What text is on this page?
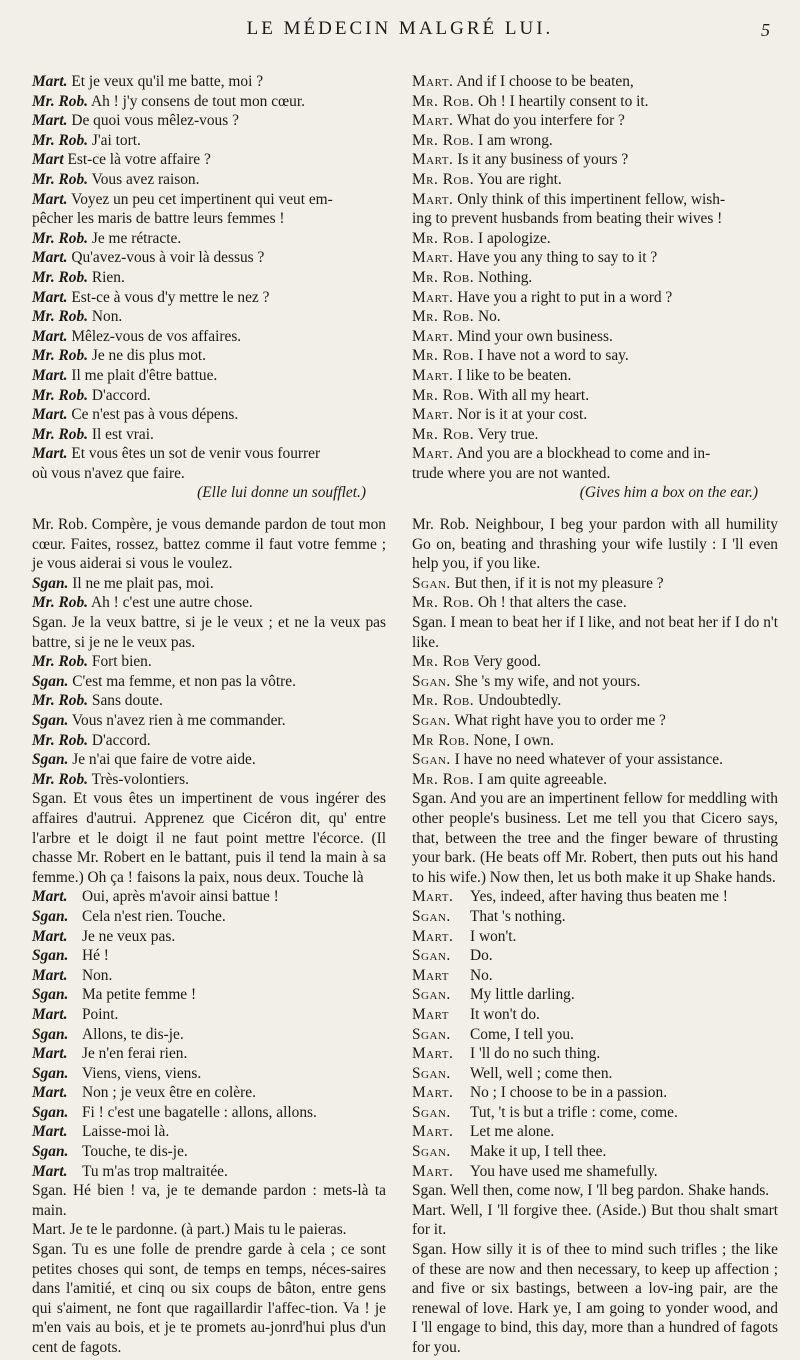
LE MÉDECIN MALGRÉ LUI.	5
Mart. Et je veux qu'il me batte, moi ?
Mr. Rob. Ah ! j'y consens de tout mon cœur.
Mart. De quoi vous mêlez-vous ?
Mr. Rob. J'ai tort.
Mart Est-ce là votre affaire ?
Mr. Rob. Vous avez raison.
Mart. Voyez un peu cet impertinent qui veut em-
pêcher les maris de battre leurs femmes !
Mr. Rob. Je me rétracte.
Mart. Qu'avez-vous à voir là dessus ?
Mr. Rob. Rien.
Mart. Est-ce à vous d'y mettre le nez ?
Mr. Rob. Non.
Mart. Mêlez-vous de vos affaires.
Mr. Rob. Je ne dis plus mot.
Mart. Il me plait d'être battue.
Mr. Rob. D'accord.
Mart. Ce n'est pas à vous dépens.
Mr. Rob. Il est vrai.
Mart. Et vous êtes un sot de venir vous fourrer
où vous n'avez que faire.
(Elle lui donne un soufflet.)
Mr. Rob. Compère, je vous demande pardon de tout mon cœur. Faites, rossez, battez comme il faut votre femme ; je vous aiderai si vous le voulez.
Sgan. Il ne me plait pas, moi.
Mr. Rob. Ah ! c'est une autre chose.
Sgan. Je la veux battre, si je le veux ; et ne la veux pas battre, si je ne le veux pas.
Mr. Rob. Fort bien.
Sgan. C'est ma femme, et non pas la vôtre.
Mr. Rob. Sans doute.
Sgan. Vous n'avez rien à me commander.
Mr. Rob. D'accord.
Sgan. Je n'ai que faire de votre aide.
Mr. Rob. Très-volontiers.
Sgan. Et vous êtes un impertinent de vous ingérer des affaires d'autrui. Apprenez que Cicéron dit, qu' entre l'arbre et le doigt il ne faut point mettre l'écorce. (Il chasse Mr. Robert en le battant, puis il tend la main à sa femme.) Oh ça ! faisons la paix, nous deux. Touche là
Mart. Oui, après m'avoir ainsi battue !
Sgan. Cela n'est rien. Touche.
Mart. Je ne veux pas.
Sgan. Hé !
Mart. Non.
Sgan. Ma petite femme !
Mart. Point.
Sgan. Allons, te dis-je.
Mart. Je n'en ferai rien.
Sgan. Viens, viens, viens.
Mart. Non ; je veux être en colère.
Sgan. Fi ! c'est une bagatelle : allons, allons.
Mart. Laisse-moi là.
Sgan. Touche, te dis-je.
Mart. Tu m'as trop maltraitée.
Sgan. Hé bien ! va, je te demande pardon : mets-là ta main.
Mart. Je te le pardonne. (à part.) Mais tu le paieras.
Sgan. Tu es une folle de prendre garde à cela ; ce sont petites choses qui sont, de temps en temps, néces-saires dans l'amitié, et cinq ou six coups de bâton, entre gens qui s'aiment, ne font que ragaillardir l'affec-tion. Va ! je m'en vais au bois, et je te promets au-jonrd'hui plus d'un cent de fagots.
Mart. And if I choose to be beaten,
Mr. Rob. Oh ! I heartily consent to it.
Mart. What do you interfere for ?
Mr. Rob. I am wrong.
Mart. Is it any business of yours ?
Mr. Rob. You are right.
Mart. Only think of this impertinent fellow, wish-
ing to prevent husbands from beating their wives !
Mr. Rob. I apologize.
Mart. Have you any thing to say to it ?
Mr. Rob. Nothing.
Mart. Have you a right to put in a word ?
Mr. Rob. No.
Mart. Mind your own business.
Mr. Rob. I have not a word to say.
Mart. I like to be beaten.
Mr. Rob. With all my heart.
Mart. Nor is it at your cost.
Mr. Rob. Very true.
Mart. And you are a blockhead to come and in-
trude where you are not wanted.
(Gives him a box on the ear.)
Mr. Rob. Neighbour, I beg your pardon with all humility Go on, beating and thrashing your wife lustily : I 'll even help you, if you like.
Sgan. But then, if it is not my pleasure ?
Mr. Rob. Oh ! that alters the case.
Sgan. I mean to beat her if I like, and not beat her if I do n't like.
Mr. Rob Very good.
Sgan. She 's my wife, and not yours.
Mr. Rob. Undoubtedly.
Sgan. What right have you to order me ?
Mr Rob. None, I own.
Sgan. I have no need whatever of your assistance.
Mr. Rob. I am quite agreeable.
Sgan. And you are an impertinent fellow for meddling with other people's business. Let me tell you that Cicero says, that, between the tree and the finger beware of thrusting your bark. (He beats off Mr. Robert, then puts out his hand to his wife.) Now then, let us both make it up Shake hands.
Mart. Yes, indeed, after having thus beaten me !
Sgan. That 's nothing.
Mart. I won't.
Sgan. Do.
Mart No.
Sgan. My little darling.
Mart It won't do.
Sgan. Come, I tell you.
Mart. I 'll do no such thing.
Sgan. Well, well ; come then.
Mart. No ; I choose to be in a passion.
Sgan. Tut, 't is but a trifle : come, come.
Mart. Let me alone.
Sgan. Make it up, I tell thee.
Mart. You have used me shamefully.
Sgan. Well then, come now, I 'll beg pardon. Shake hands.
Mart. Well, I 'll forgive thee. (Aside.) But thou shalt smart for it.
Sgan. How silly it is of thee to mind such trifles ; the like of these are now and then necessary, to keep up affection ; and five or six bastings, between a lov-ing pair, are the renewal of love. Hark ye, I am going to yonder wood, and I 'll engage to bind, this day, more than a hundred of fagots for you.
